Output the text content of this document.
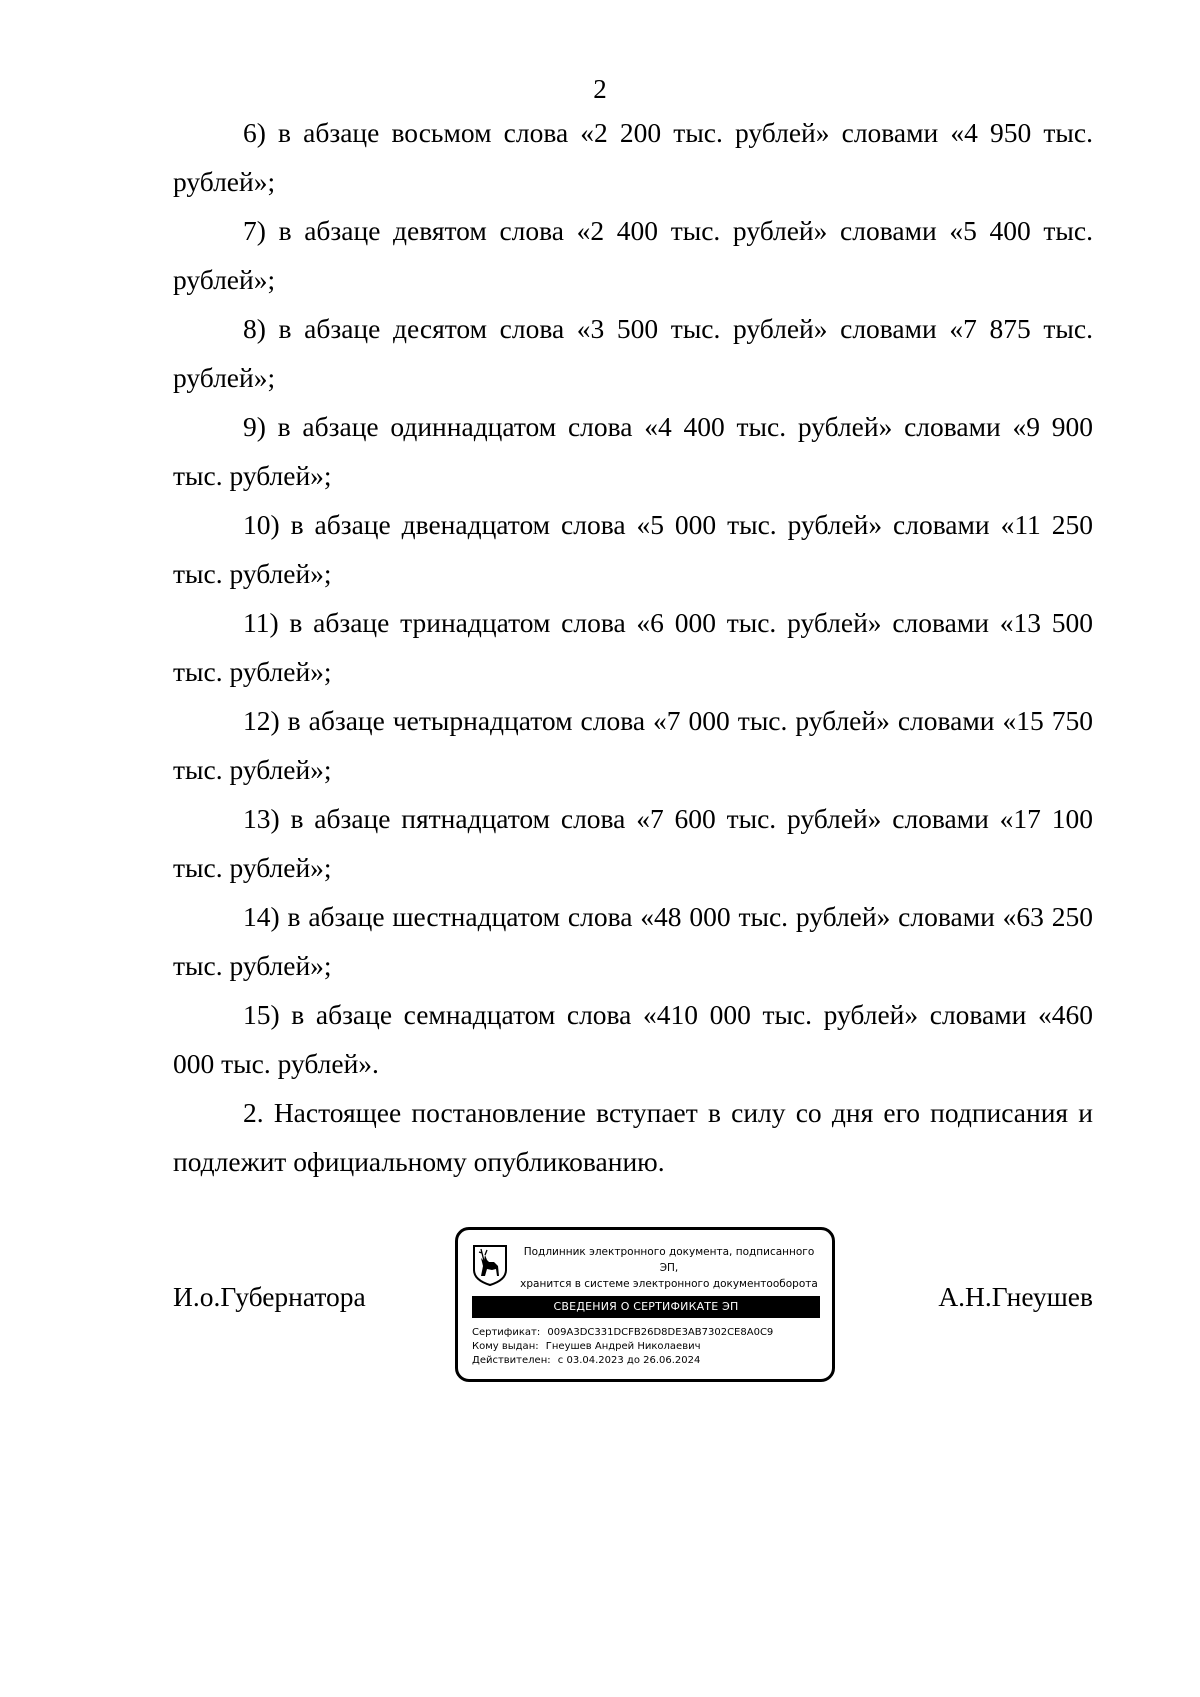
2

6) в абзаце восьмом слова «2 200 тыс. рублей» словами «4 950 тыс. рублей»;

7) в абзаце девятом слова «2 400 тыс. рублей» словами «5 400 тыс. рублей»;

8) в абзаце десятом слова «3 500 тыс. рублей» словами «7 875 тыс. рублей»;

9) в абзаце одиннадцатом слова «4 400 тыс. рублей» словами «9 900 тыс. рублей»;

10) в абзаце двенадцатом слова «5 000 тыс. рублей» словами «11 250 тыс. рублей»;

11) в абзаце тринадцатом слова «6 000 тыс. рублей» словами «13 500 тыс. рублей»;

12) в абзаце четырнадцатом слова «7 000 тыс. рублей» словами «15 750 тыс. рублей»;

13) в абзаце пятнадцатом слова «7 600 тыс. рублей» словами «17 100 тыс. рублей»;

14) в абзаце шестнадцатом слова «48 000 тыс. рублей» словами «63 250 тыс. рублей»;

15) в абзаце семнадцатом слова «410 000 тыс. рублей» словами «460 000 тыс. рублей».

2. Настоящее постановление вступает в силу со дня его подписания и подлежит официальному опубликованию.

И.о.Губернатора
Подлинник электронного документа, подписанного ЭП,
хранится в системе электронного документооборота
СВЕДЕНИЯ О СЕРТИФИКАТЕ ЭП
Сертификат: 009A3DC331DCFB26D8DE3AB7302CE8A0C9
Кому выдан: Гнеушев Андрей Николаевич
Действителен: с 03.04.2023 до 26.06.2024
А.Н.Гнеушев
